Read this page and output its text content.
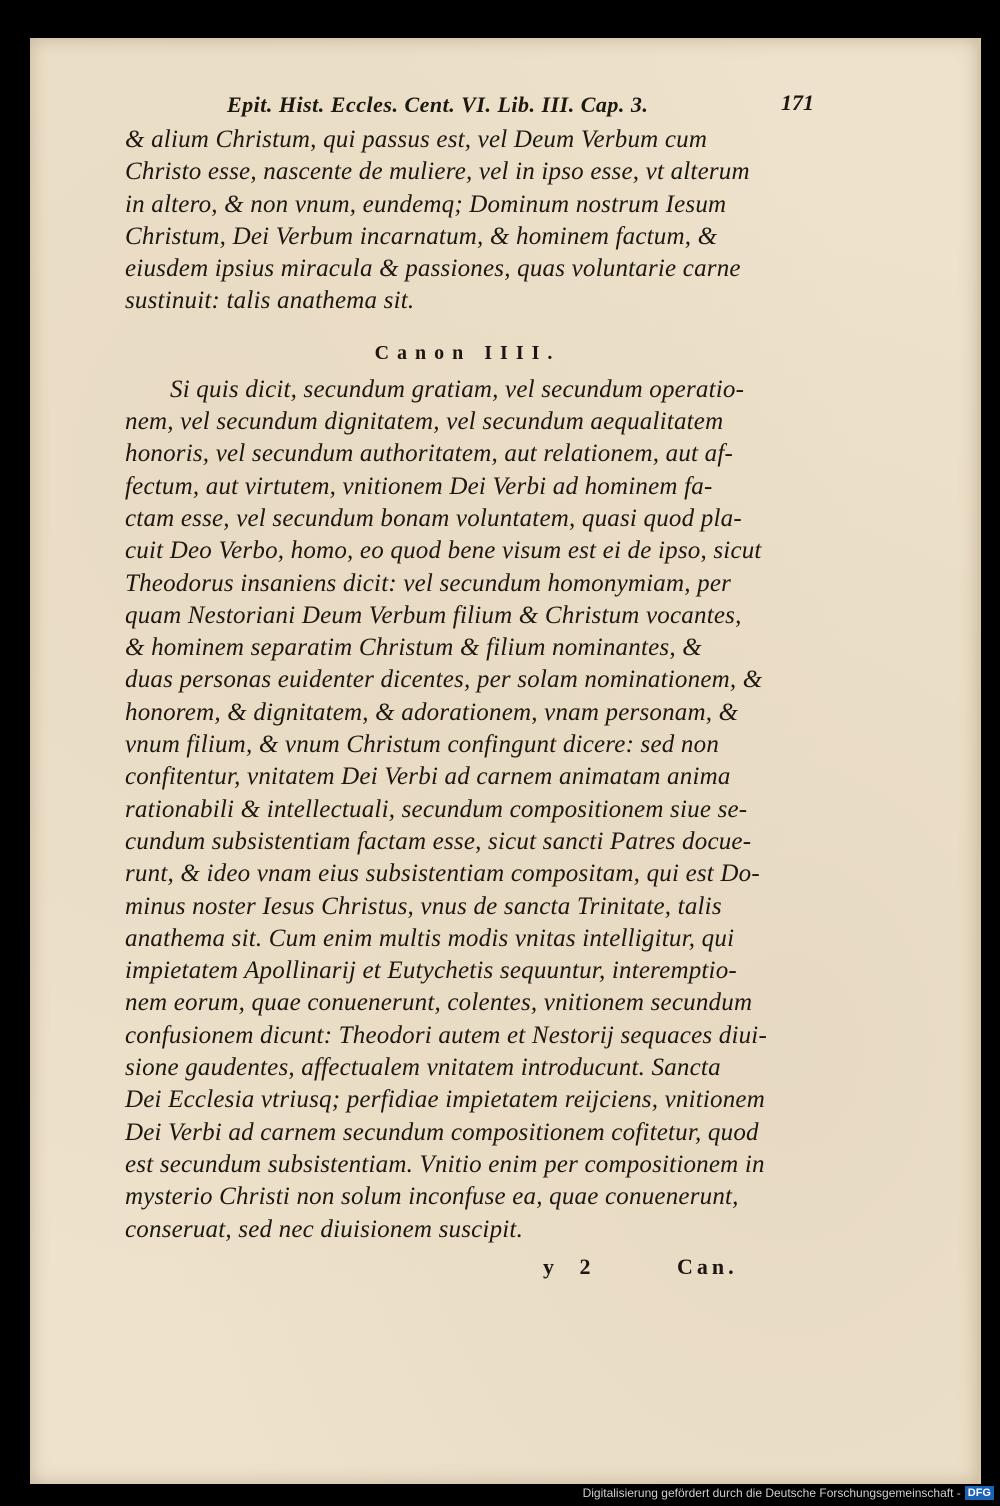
Epit. Hist. Eccles. Cent. VI. Lib. III. Cap. 3.	171
& alium Christum, qui passus est, vel Deum Verbum cum
Christo esse, nascente de muliere, vel in ipso esse, vt alterum
in altero, & non vnum, eundemq; Dominum nostrum Iesum
Christum, Dei Verbum incarnatum, & hominem factum, &
eiusdem ipsius miracula & passiones, quas voluntarie carne
sustinuit: talis anathema sit.
Canon IIII.
Si quis dicit, secundum gratiam, vel secundum operatio-
nem, vel secundum dignitatem, vel secundum aequalitatem
honoris, vel secundum authoritatem, aut relationem, aut af-
fectum, aut virtutem, vnitionem Dei Verbi ad hominem fa-
ctam esse, vel secundum bonam voluntatem, quasi quod pla-
cuit Deo Verbo, homo, eo quod bene visum est ei de ipso, sicut
Theodorus insaniens dicit: vel secundum homonymiam, per
quam Nestoriani Deum Verbum filium & Christum vocantes,
& hominem separatim Christum & filium nominantes, &
duas personas euidenter dicentes, per solam nominationem, &
honorem, & dignitatem, & adorationem, vnam personam, &
vnum filium, & vnum Christum confingunt dicere: sed non
confitentur, vnitatem Dei Verbi ad carnem animatam anima
rationabili & intellectuali, secundum compositionem siue se-
cundum subsistentiam factam esse, sicut sancti Patres docue-
runt, & ideo vnam eius subsistentiam compositam, qui est Do-
minus noster Iesus Christus, vnus de sancta Trinitate, talis
anathema sit. Cum enim multis modis vnitas intelligitur, qui
impietatem Apollinarij et Eutychetis sequuntur, interemptio-
nem eorum, quae conuenerunt, colentes, vnitionem secundum
confusionem dicunt: Theodori autem et Nestorij sequaces diui-
sione gaudentes, affectualem vnitatem introducunt. Sancta
Dei Ecclesia vtriusq; perfidiae impietatem reijciens, vnitionem
Dei Verbi ad carnem secundum compositionem cofitetur, quod
est secundum subsistentiam. Vnitio enim per compositionem in
mysterio Christi non solum inconfuse ea, quae conuenerunt,
conseruat, sed nec diuisionem suscipit.
y 2	Can.
Digitalisierung gefördert durch die Deutsche Forschungsgemeinschaft - DFG
